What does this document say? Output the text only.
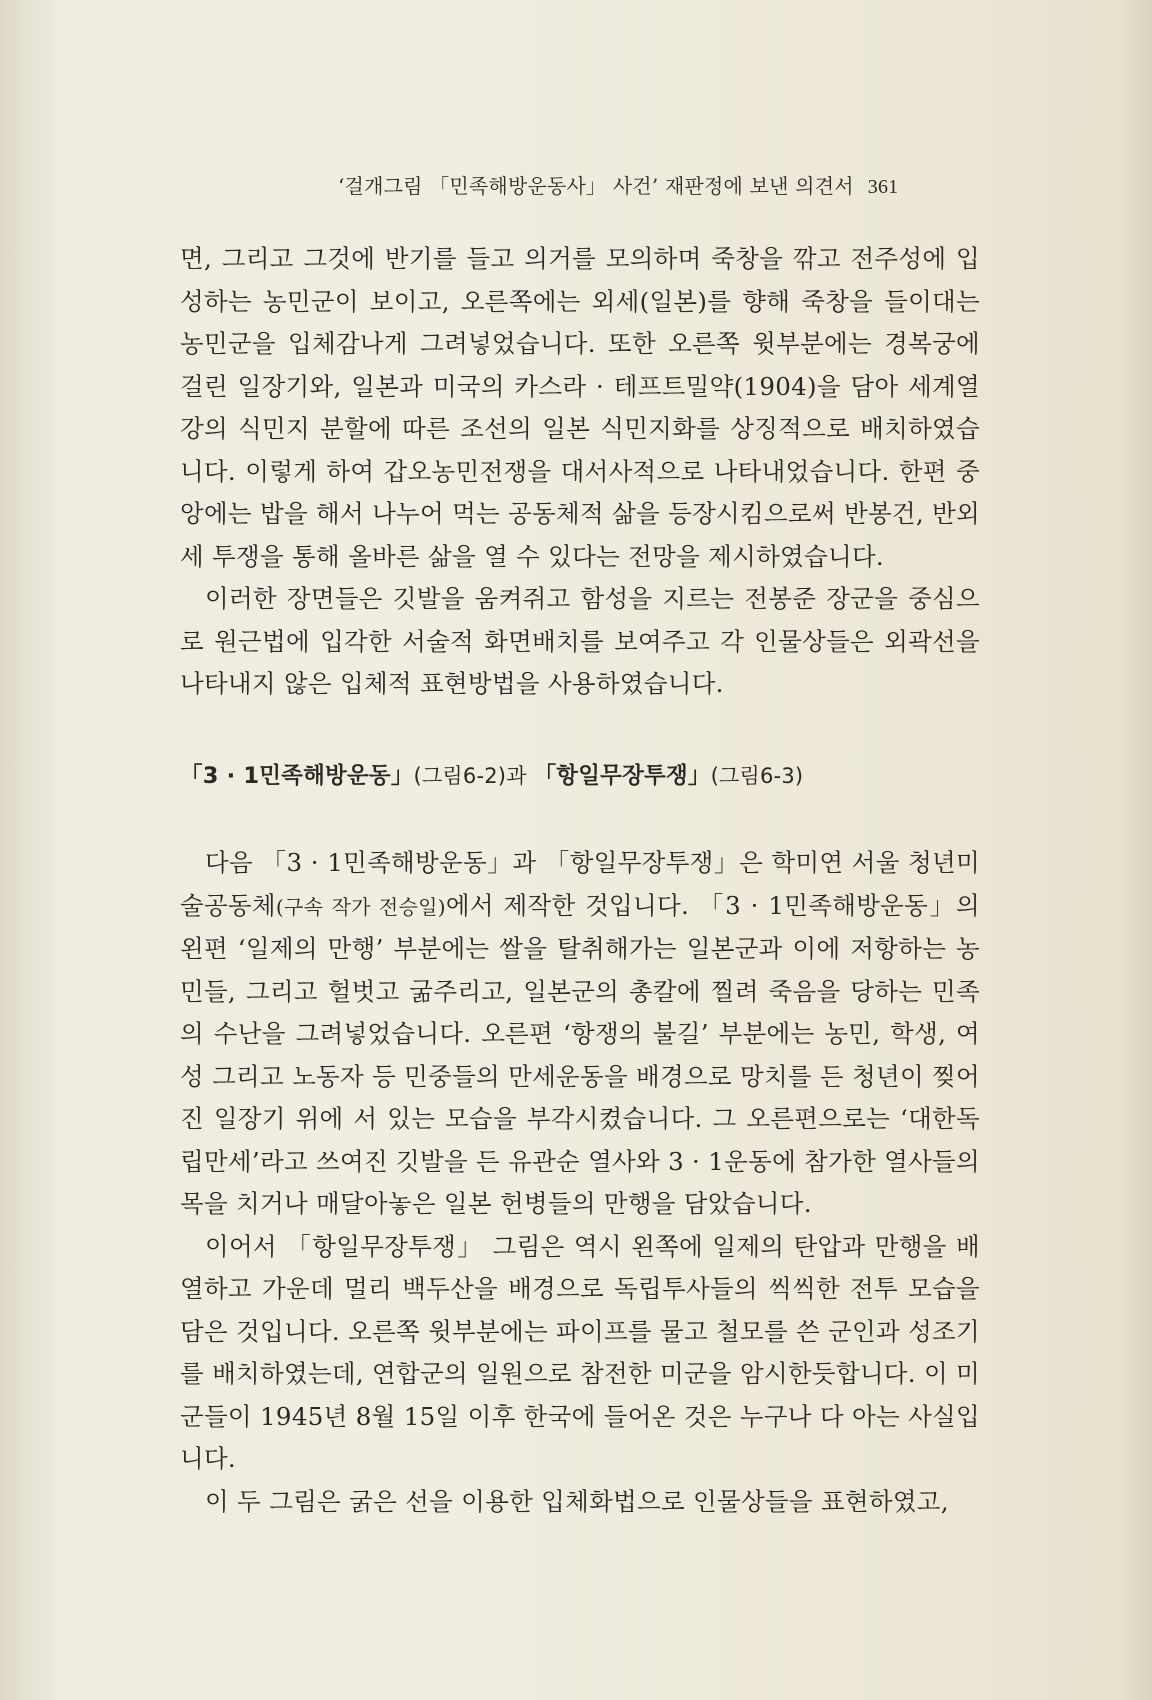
‘걸개그림 「민족해방운동사」 사건’ 재판정에 보낸 의견서 361

면, 그리고 그것에 반기를 들고 의거를 모의하며 죽창을 깎고 전주성에 입성하는 농민군이 보이고, 오른쪽에는 외세(일본)를 향해 죽창을 들이대는 농민군을 입체감나게 그려넣었습니다. 또한 오른쪽 윗부분에는 경복궁에 걸린 일장기와, 일본과 미국의 카스라 · 테프트밀약(1904)을 담아 세계열강의 식민지 분할에 따른 조선의 일본 식민지화를 상징적으로 배치하였습니다. 이렇게 하여 갑오농민전쟁을 대서사적으로 나타내었습니다. 한편 중앙에는 밥을 해서 나누어 먹는 공동체적 삶을 등장시킴으로써 반봉건, 반외세 투쟁을 통해 올바른 삶을 열 수 있다는 전망을 제시하였습니다.

이러한 장면들은 깃발을 움켜쥐고 함성을 지르는 전봉준 장군을 중심으로 원근법에 입각한 서술적 화면배치를 보여주고 각 인물상들은 외곽선을 나타내지 않은 입체적 표현방법을 사용하였습니다.

「3 · 1민족해방운동」(그림6-2)과 「항일무장투쟁」(그림6-3)

다음 「3 · 1민족해방운동」과 「항일무장투쟁」은 학미연 서울 청년미술공동체(구속 작가 전승일)에서 제작한 것입니다. 「3 · 1민족해방운동」의 왼편 ‘일제의 만행’ 부분에는 쌀을 탈취해가는 일본군과 이에 저항하는 농민들, 그리고 헐벗고 굶주리고, 일본군의 총칼에 찔려 죽음을 당하는 민족의 수난을 그려넣었습니다. 오른편 ‘항쟁의 불길’ 부분에는 농민, 학생, 여성 그리고 노동자 등 민중들의 만세운동을 배경으로 망치를 든 청년이 찢어진 일장기 위에 서 있는 모습을 부각시켰습니다. 그 오른편으로는 ‘대한독립만세’라고 쓰여진 깃발을 든 유관순 열사와 3 · 1운동에 참가한 열사들의 목을 치거나 매달아놓은 일본 헌병들의 만행을 담았습니다.

이어서 「항일무장투쟁」 그림은 역시 왼쪽에 일제의 탄압과 만행을 배열하고 가운데 멀리 백두산을 배경으로 독립투사들의 씩씩한 전투 모습을 담은 것입니다. 오른쪽 윗부분에는 파이프를 물고 철모를 쓴 군인과 성조기를 배치하였는데, 연합군의 일원으로 참전한 미군을 암시한듯합니다. 이 미군들이 1945년 8월 15일 이후 한국에 들어온 것은 누구나 다 아는 사실입니다.

이 두 그림은 굵은 선을 이용한 입체화법으로 인물상들을 표현하였고,
